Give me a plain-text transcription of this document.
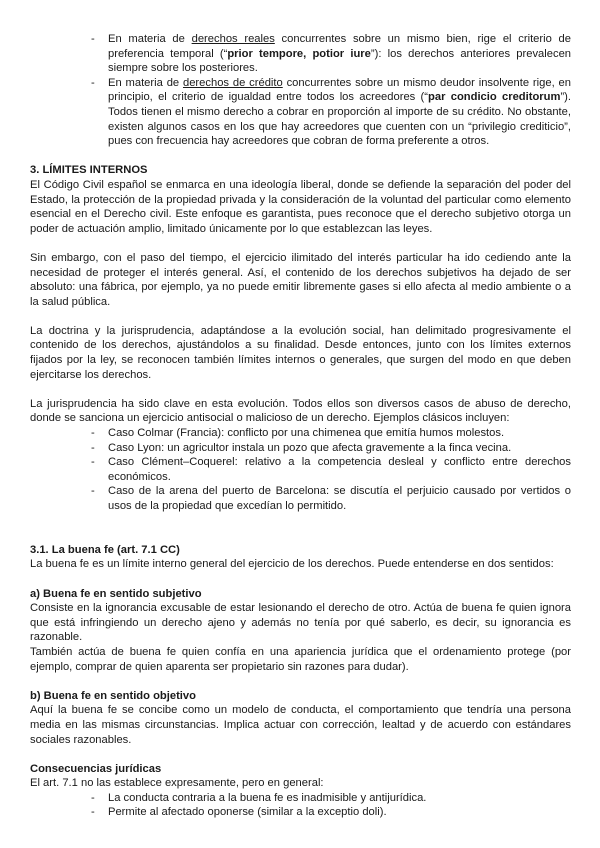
- En materia de derechos reales concurrentes sobre un mismo bien, rige el criterio de preferencia temporal (“prior tempore, potior iure”): los derechos anteriores prevalecen siempre sobre los posteriores.
- En materia de derechos de crédito concurrentes sobre un mismo deudor insolvente rige, en principio, el criterio de igualdad entre todos los acreedores (“par condicio creditorum”). Todos tienen el mismo derecho a cobrar en proporción al importe de su crédito. No obstante, existen algunos casos en los que hay acreedores que cuenten con un “privilegio crediticio”, pues con frecuencia hay acreedores que cobran de forma preferente a otros.
3. LÍMITES INTERNOS

El Código Civil español se enmarca en una ideología liberal, donde se defiende la separación del poder del Estado, la protección de la propiedad privada y la consideración de la voluntad del particular como elemento esencial en el Derecho civil. Este enfoque es garantista, pues reconoce que el derecho subjetivo otorga un poder de actuación amplio, limitado únicamente por lo que establezcan las leyes.

Sin embargo, con el paso del tiempo, el ejercicio ilimitado del interés particular ha ido cediendo ante la necesidad de proteger el interés general. Así, el contenido de los derechos subjetivos ha dejado de ser absoluto: una fábrica, por ejemplo, ya no puede emitir libremente gases si ello afecta al medio ambiente o a la salud pública.

La doctrina y la jurisprudencia, adaptándose a la evolución social, han delimitado progresivamente el contenido de los derechos, ajustándolos a su finalidad. Desde entonces, junto con los límites externos fijados por la ley, se reconocen también límites internos o generales, que surgen del modo en que deben ejercitarse los derechos.

La jurisprudencia ha sido clave en esta evolución. Todos ellos son diversos casos de abuso de derecho, donde se sanciona un ejercicio antisocial o malicioso de un derecho. Ejemplos clásicos incluyen:

- Caso Colmar (Francia): conflicto por una chimenea que emitía humos molestos.
- Caso Lyon: un agricultor instala un pozo que afecta gravemente a la finca vecina.
- Caso Clément–Coquerel: relativo a la competencia desleal y conflicto entre derechos económicos.
- Caso de la arena del puerto de Barcelona: se discutía el perjuicio causado por vertidos o usos de la propiedad que excedían lo permitido.
3.1. La buena fe (art. 7.1 CC)

La buena fe es un límite interno general del ejercicio de los derechos. Puede entenderse en dos sentidos:

a) Buena fe en sentido subjetivo

Consiste en la ignorancia excusable de estar lesionando el derecho de otro. Actúa de buena fe quien ignora que está infringiendo un derecho ajeno y además no tenía por qué saberlo, es decir, su ignorancia es razonable.

También actúa de buena fe quien confía en una apariencia jurídica que el ordenamiento protege (por ejemplo, comprar de quien aparenta ser propietario sin razones para dudar).

b) Buena fe en sentido objetivo

Aquí la buena fe se concibe como un modelo de conducta, el comportamiento que tendría una persona media en las mismas circunstancias. Implica actuar con corrección, lealtad y de acuerdo con estándares sociales razonables.

Consecuencias jurídicas

El art. 7.1 no las establece expresamente, pero en general:

- La conducta contraria a la buena fe es inadmisible y antijurídica.
- Permite al afectado oponerse (similar a la exceptio doli).
